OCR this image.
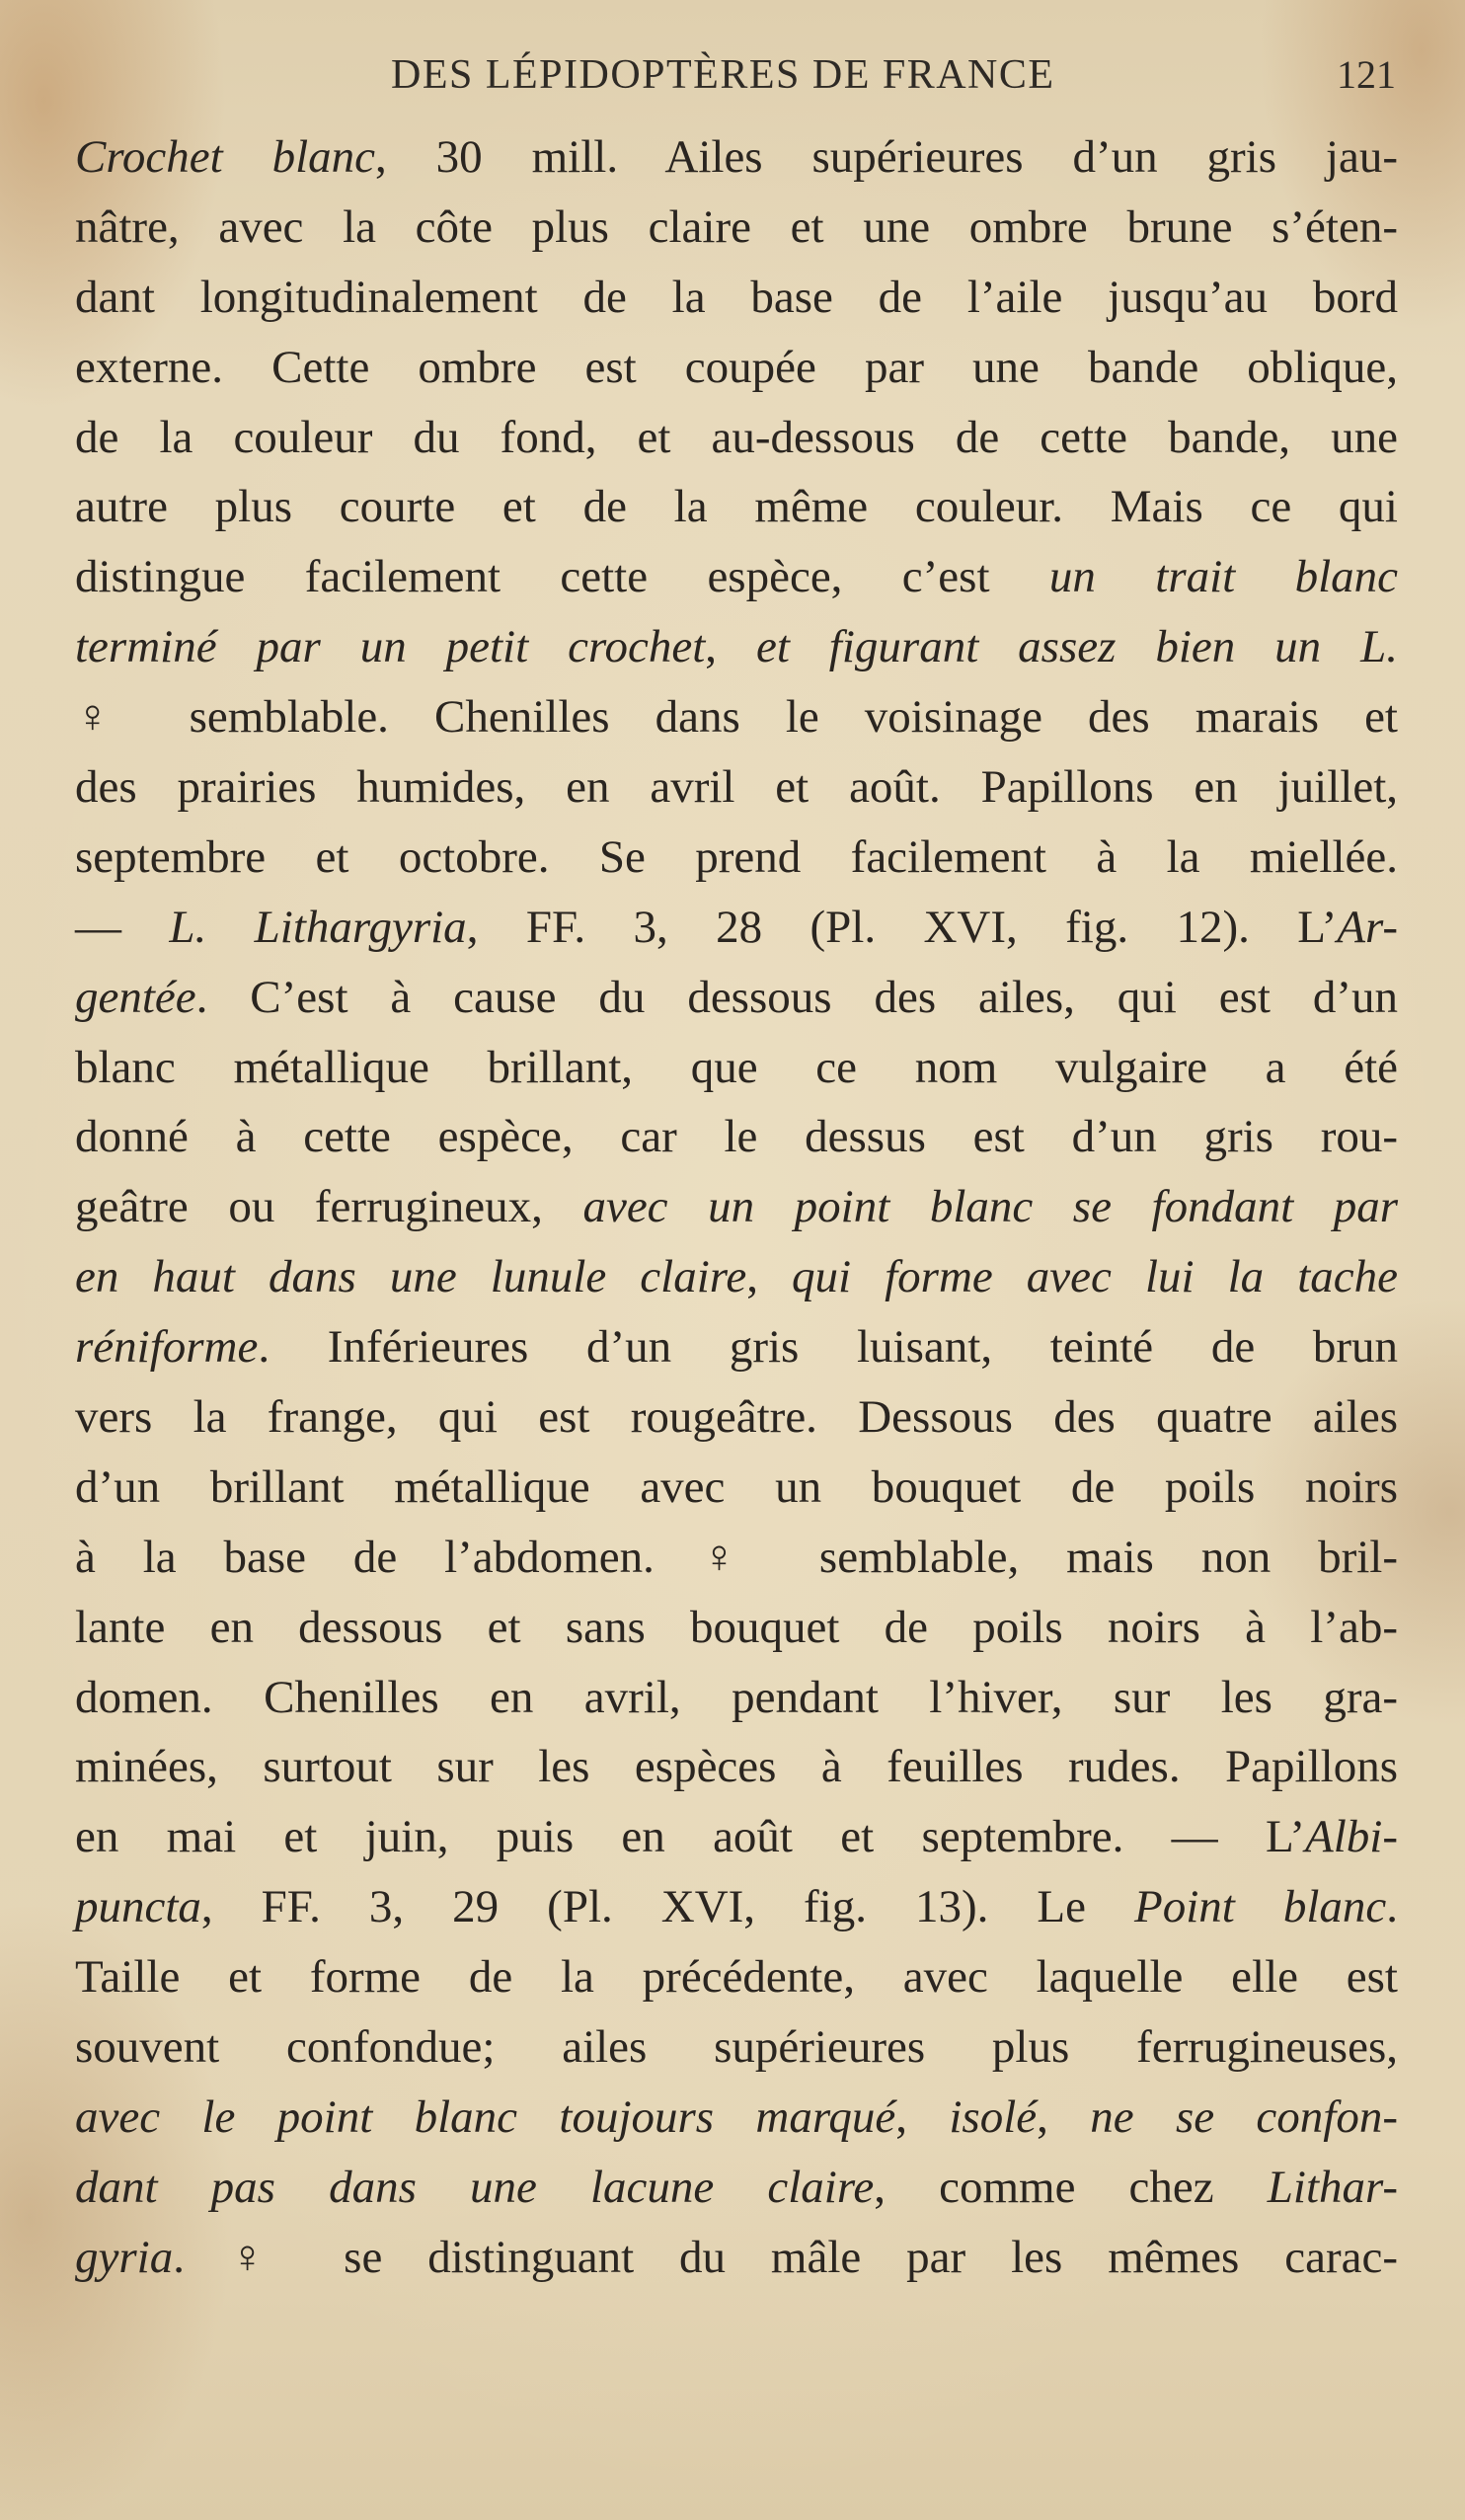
DES LÉPIDOPTÈRES DE FRANCE	121
Crochet blanc, 30 mill. Ailes supérieures d’un gris jau-
nâtre, avec la côte plus claire et une ombre brune s’éten-
dant longitudinalement de la base de l’aile jusqu’au bord
externe. Cette ombre est coupée par une bande oblique,
de la couleur du fond, et au-dessous de cette bande, une
autre plus courte et de la même couleur. Mais ce qui
distingue facilement cette espèce, c’est un trait blanc
terminé par un petit crochet, et figurant assez bien un L.
♀ semblable. Chenilles dans le voisinage des marais et
des prairies humides, en avril et août. Papillons en juillet,
septembre et octobre. Se prend facilement à la miellée.
— L. Lithargyria, FF. 3, 28 (Pl. XVI, fig. 12). L’Ar-
gentée. C’est à cause du dessous des ailes, qui est d’un
blanc métallique brillant, que ce nom vulgaire a été
donné à cette espèce, car le dessus est d’un gris rou-
geâtre ou ferrugineux, avec un point blanc se fondant par
en haut dans une lunule claire, qui forme avec lui la tache
réniforme. Inférieures d’un gris luisant, teinté de brun
vers la frange, qui est rougeâtre. Dessous des quatre ailes
d’un brillant métallique avec un bouquet de poils noirs
à la base de l’abdomen. ♀ semblable, mais non bril-
lante en dessous et sans bouquet de poils noirs à l’ab-
domen. Chenilles en avril, pendant l’hiver, sur les gra-
minées, surtout sur les espèces à feuilles rudes. Papillons
en mai et juin, puis en août et septembre. — L’Albi-
puncta, FF. 3, 29 (Pl. XVI, fig. 13). Le Point blanc.
Taille et forme de la précédente, avec laquelle elle est
souvent confondue; ailes supérieures plus ferrugineuses,
avec le point blanc toujours marqué, isolé, ne se confon-
dant pas dans une lacune claire, comme chez Lithar-
gyria. ♀ se distinguant du mâle par les mêmes carac-
